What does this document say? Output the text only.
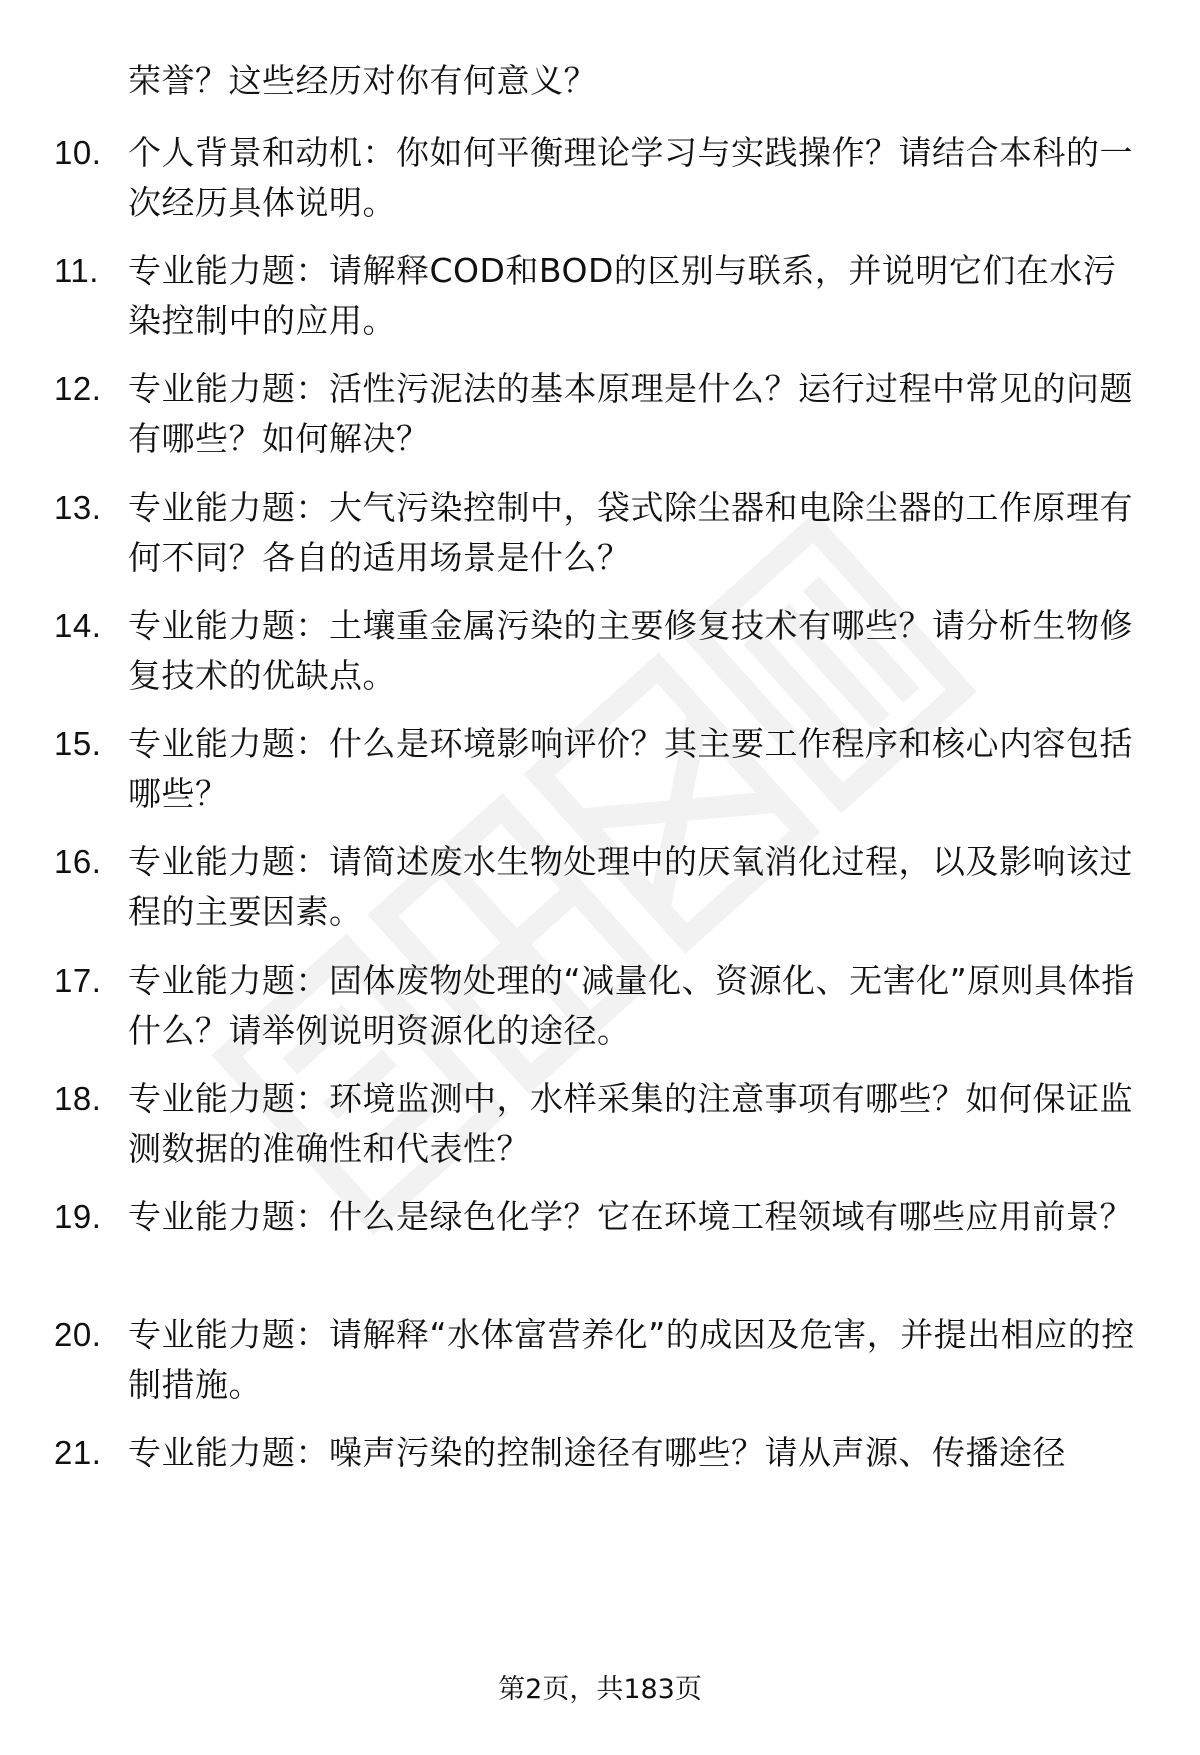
荣誉？这些经历对你有何意义？
10. 个人背景和动机：你如何平衡理论学习与实践操作？请结合本科的一次经历具体说明。
11. 专业能力题：请解释COD和BOD的区别与联系，并说明它们在水污染控制中的应用。
12. 专业能力题：活性污泥法的基本原理是什么？运行过程中常见的问题有哪些？如何解决？
13. 专业能力题：大气污染控制中，袋式除尘器和电除尘器的工作原理有何不同？各自的适用场景是什么？
14. 专业能力题：土壤重金属污染的主要修复技术有哪些？请分析生物修复技术的优缺点。
15. 专业能力题：什么是环境影响评价？其主要工作程序和核心内容包括哪些？
16. 专业能力题：请简述废水生物处理中的厌氧消化过程，以及影响该过程的主要因素。
17. 专业能力题：固体废物处理的“减量化、资源化、无害化”原则具体指什么？请举例说明资源化的途径。
18. 专业能力题：环境监测中，水样采集的注意事项有哪些？如何保证监测数据的准确性和代表性？
19. 专业能力题：什么是绿色化学？它在环境工程领域有哪些应用前景？
20. 专业能力题：请解释“水体富营养化”的成因及危害，并提出相应的控制措施。
21. 专业能力题：噪声污染的控制途径有哪些？请从声源、传播途径
第2页，共183页
